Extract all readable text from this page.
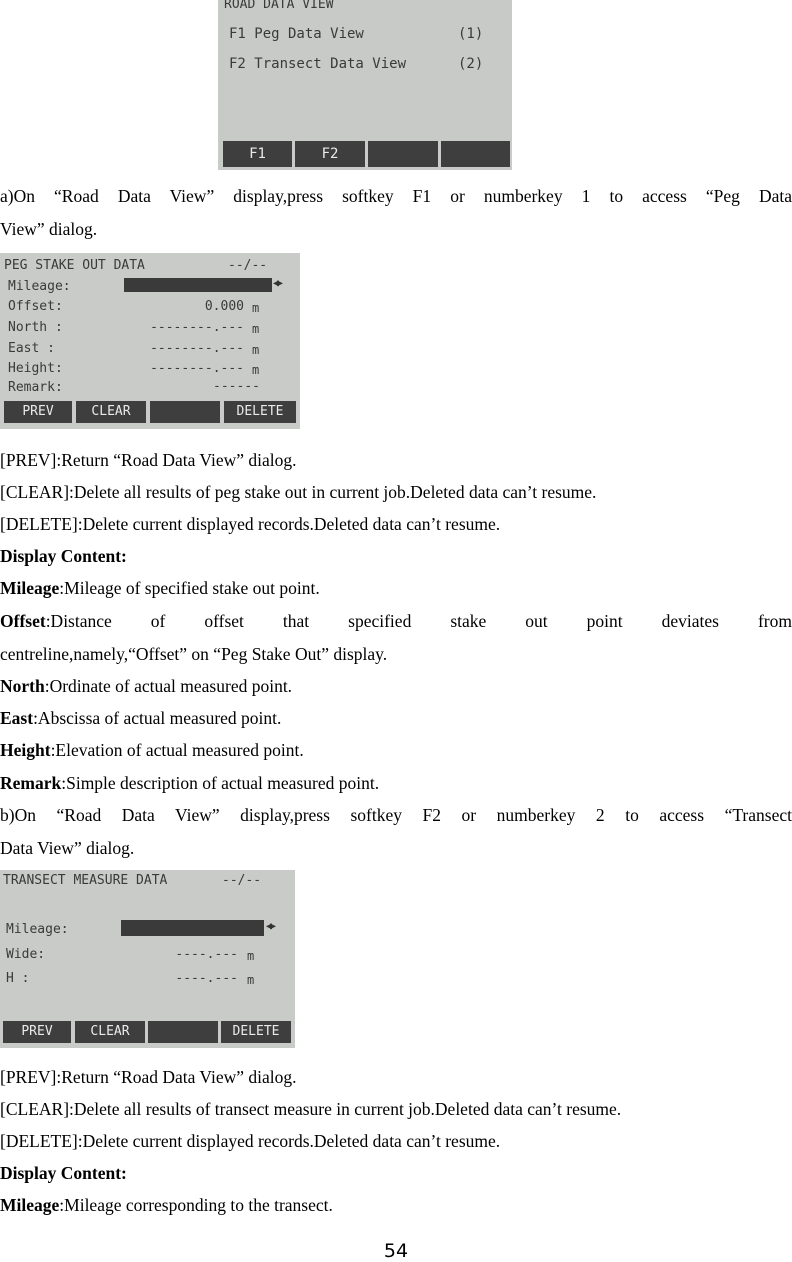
ROAD DATA VIEW
F1 Peg Data View	(1)
F2 Transect Data View	(2)
F1	F2
a)On “Road Data View” display,press softkey F1 or numberkey 1 to access “Peg Data
View” dialog.
PEG STAKE OUT DATA	--/--
Mileage:	◀▶
Offset:	0.000 m
North :	--------.--- m
East :	--------.--- m
Height:	--------.--- m
Remark:	------
PREV	CLEAR	DELETE
[PREV]:Return “Road Data View” dialog.
[CLEAR]:Delete all results of peg stake out in current job.Deleted data can’t resume.
[DELETE]:Delete current displayed records.Deleted data can’t resume.
Display Content:
Mileage:Mileage of specified stake out point.
Offset:Distance of offset that specified stake out point deviates from
centreline,namely,“Offset” on “Peg Stake Out” display.
North:Ordinate of actual measured point.
East:Abscissa of actual measured point.
Height:Elevation of actual measured point.
Remark:Simple description of actual measured point.
b)On “Road Data View” display,press softkey F2 or numberkey 2 to access “Transect
Data View” dialog.
TRANSECT MEASURE DATA	--/--
Mileage:	◀▶
Wide:	----.--- m
H :	----.--- m
PREV	CLEAR	DELETE
[PREV]:Return “Road Data View” dialog.
[CLEAR]:Delete all results of transect measure in current job.Deleted data can’t resume.
[DELETE]:Delete current displayed records.Deleted data can’t resume.
Display Content:
Mileage:Mileage corresponding to the transect.
54
